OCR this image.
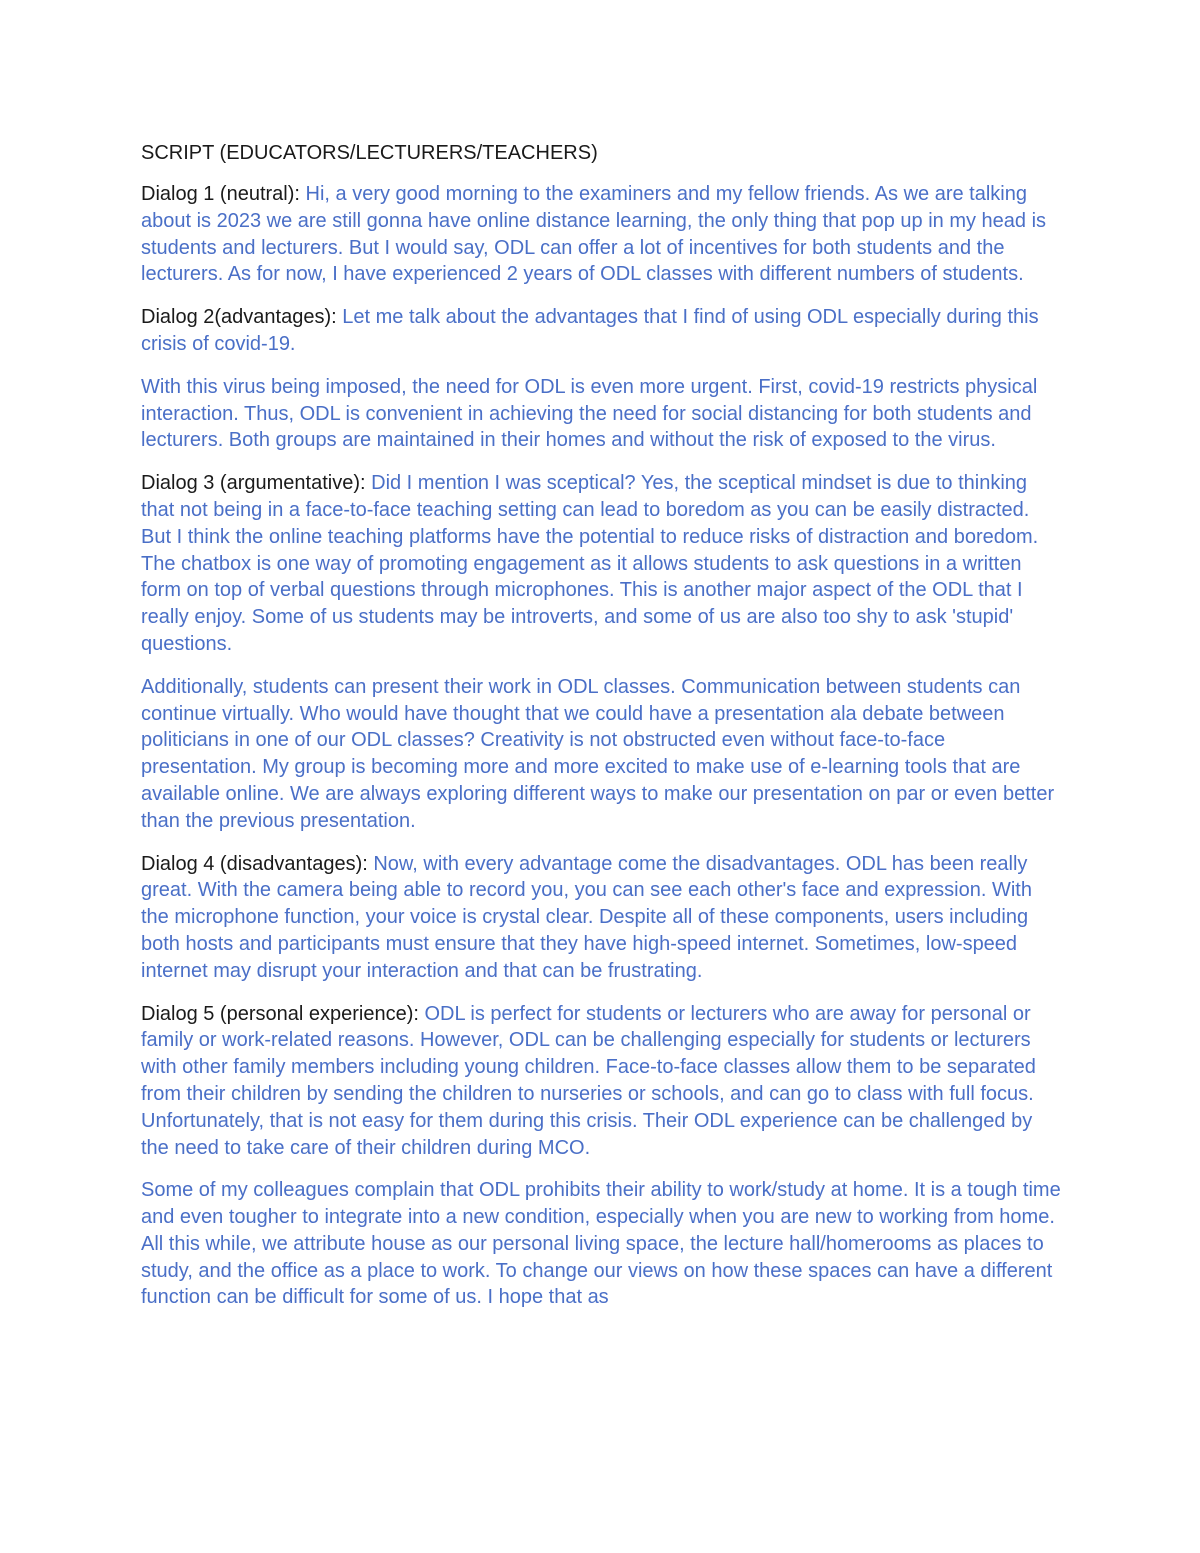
SCRIPT (EDUCATORS/LECTURERS/TEACHERS)

Dialog 1 (neutral): Hi, a very good morning to the examiners and my fellow friends. As we are talking about is 2023 we are still gonna have online distance learning, the only thing that pop up in my head is students and lecturers. But I would say, ODL can offer a lot of incentives for both students and the lecturers. As for now, I have experienced 2 years of ODL classes with different numbers of students.

Dialog 2(advantages): Let me talk about the advantages that I find of using ODL especially during this crisis of covid-19.

With this virus being imposed, the need for ODL is even more urgent. First, covid-19 restricts physical interaction. Thus, ODL is convenient in achieving the need for social distancing for both students and lecturers. Both groups are maintained in their homes and without the risk of exposed to the virus.

Dialog 3 (argumentative): Did I mention I was sceptical? Yes, the sceptical mindset is due to thinking that not being in a face-to-face teaching setting can lead to boredom as you can be easily distracted. But I think the online teaching platforms have the potential to reduce risks of distraction and boredom. The chatbox is one way of promoting engagement as it allows students to ask questions in a written form on top of verbal questions through microphones. This is another major aspect of the ODL that I really enjoy. Some of us students may be introverts, and some of us are also too shy to ask 'stupid' questions.

Additionally, students can present their work in ODL classes. Communication between students can continue virtually. Who would have thought that we could have a presentation ala debate between politicians in one of our ODL classes? Creativity is not obstructed even without face-to-face presentation. My group is becoming more and more excited to make use of e-learning tools that are available online. We are always exploring different ways to make our presentation on par or even better than the previous presentation.

Dialog 4 (disadvantages): Now, with every advantage come the disadvantages. ODL has been really great. With the camera being able to record you, you can see each other's face and expression. With the microphone function, your voice is crystal clear. Despite all of these components, users including both hosts and participants must ensure that they have high-speed internet. Sometimes, low-speed internet may disrupt your interaction and that can be frustrating.

Dialog 5 (personal experience): ODL is perfect for students or lecturers who are away for personal or family or work-related reasons. However, ODL can be challenging especially for students or lecturers with other family members including young children. Face-to-face classes allow them to be separated from their children by sending the children to nurseries or schools, and can go to class with full focus. Unfortunately, that is not easy for them during this crisis. Their ODL experience can be challenged by the need to take care of their children during MCO.

Some of my colleagues complain that ODL prohibits their ability to work/study at home. It is a tough time and even tougher to integrate into a new condition, especially when you are new to working from home. All this while, we attribute house as our personal living space, the lecture hall/homerooms as places to study, and the office as a place to work. To change our views on how these spaces can have a different function can be difficult for some of us. I hope that as
